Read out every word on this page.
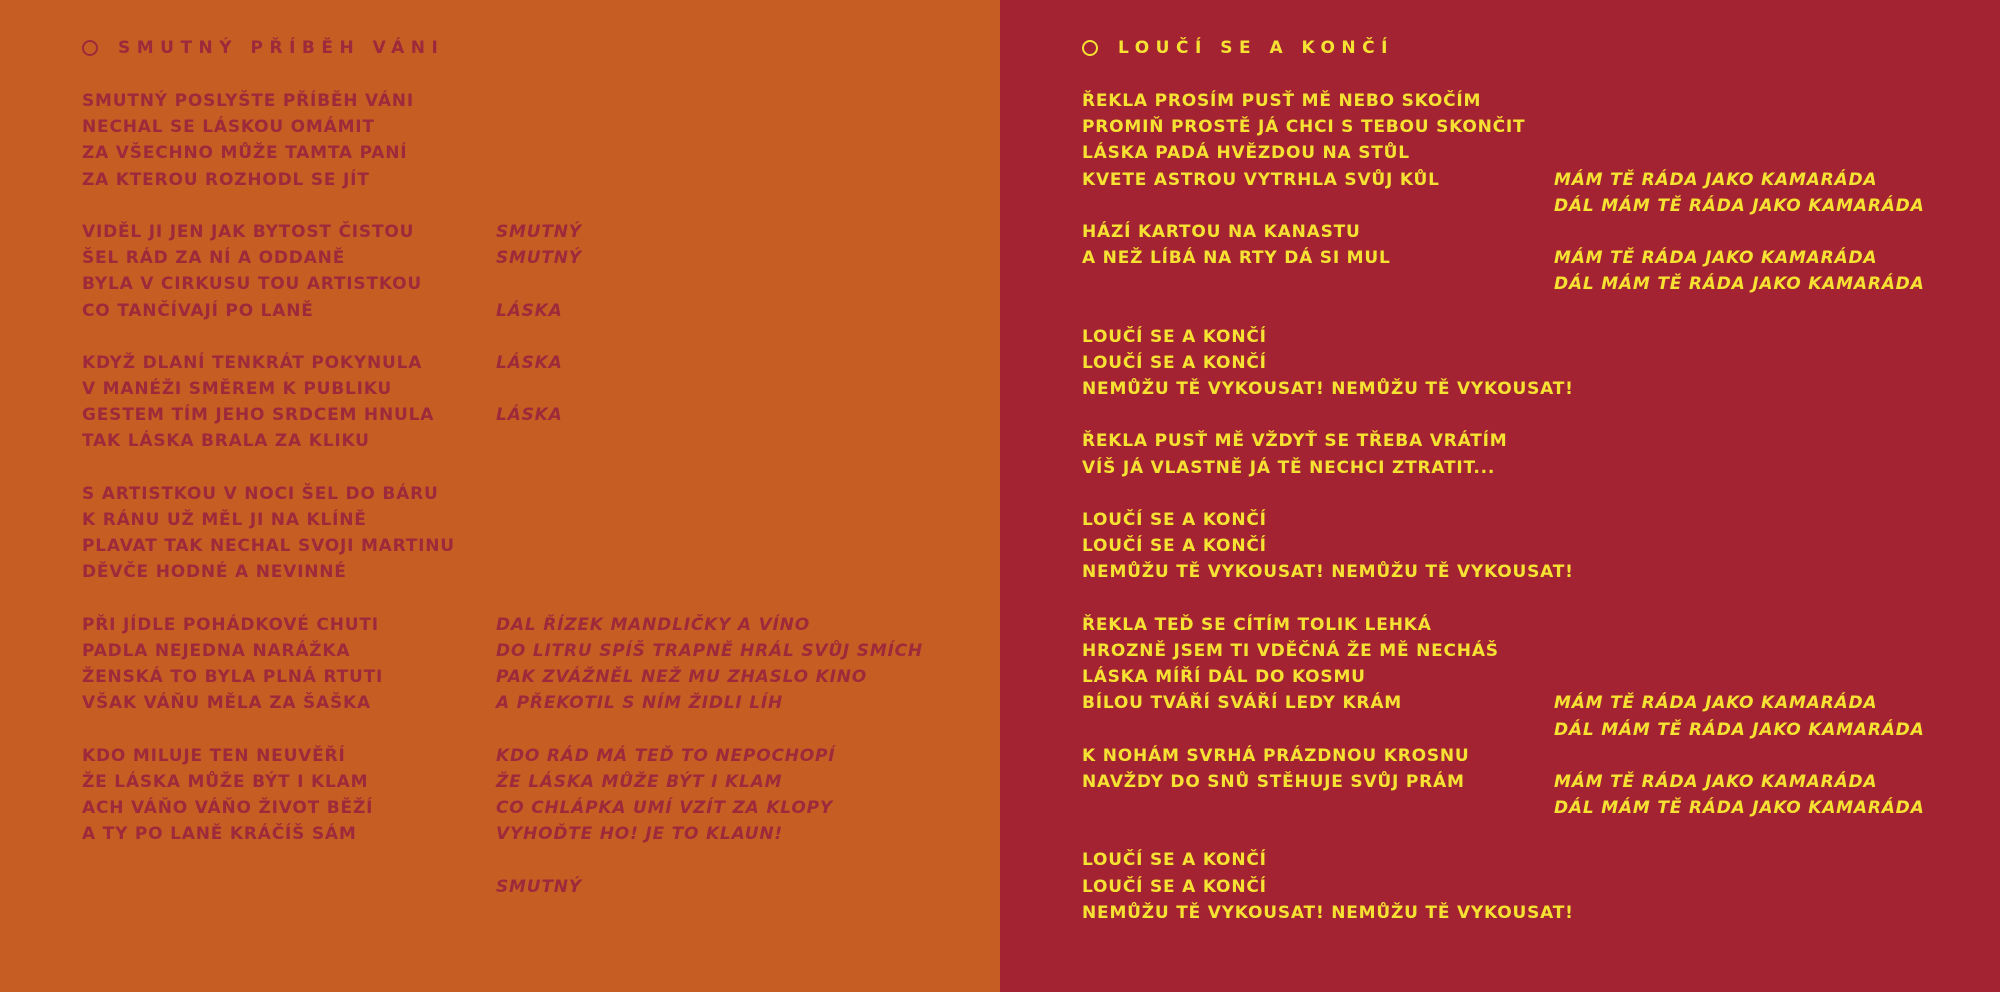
SMUTNÝ PŘÍBĚH VÁNI
SMUTNÝ POSLYŠTE PŘÍBĚH VÁNI
NECHAL SE LÁSKOU OMÁMIT
ZA VŠECHNO MŮŽE TAMTA PANÍ
ZA KTEROU ROZHODL SE JÍT
VIDĚL JI JEN JAK BYTOST ČISTOU
ŠEL RÁD ZA NÍ A ODDANĚ
BYLA V CIRKUSU TOU ARTISTKOU
CO TANČÍVAJÍ PO LANĚ
KDYŽ DLANÍ TENKRÁT POKYNULA
V MANÉŽI SMĚREM K PUBLIKU
GESTEM TÍM JEHO SRDCEM HNULA
TAK LÁSKA BRALA ZA KLIKU
S ARTISTKOU V NOCI ŠEL DO BÁRU
K RÁNU UŽ MĚL JI NA KLÍNĚ
PLAVAT TAK NECHAL SVOJI MARTINU
DĚVČE HODNÉ A NEVINNÉ
PŘI JÍDLE POHÁDKOVÉ CHUTI
PADLA NEJEDNA NARÁŽKA
ŽENSKÁ TO BYLA PLNÁ RTUTI
VŠAK VÁŇU MĚLA ZA ŠAŠKA
KDO MILUJE TEN NEUVĚŘÍ
ŽE LÁSKA MŮŽE BÝT I KLAM
ACH VÁŇO VÁŇO ŽIVOT BĚŽÍ
A TY PO LANĚ KRÁČÍŠ SÁM
SMUTNÝ
SMUTNÝ
LÁSKA
LÁSKA
LÁSKA
DAL ŘÍZEK MANDLIČKY A VÍNO
DO LITRU SPÍŠ TRAPNĚ HRÁL SVŮJ SMÍCH
PAK ZVÁŽNĚL NEŽ MU ZHASLO KINO
A PŘEKOTIL S NÍM ŽIDLI LÍH
KDO RÁD MÁ TEĎ TO NEPOCHOPÍ
ŽE LÁSKA MŮŽE BÝT I KLAM
CO CHLÁPKA UMÍ VZÍT ZA KLOPY
VYHOĎTE HO! JE TO KLAUN!
SMUTNÝ
LOUČÍ SE A KONČÍ
ŘEKLA PROSÍM PUSŤ MĚ NEBO SKOČÍM
PROMIŇ PROSTĚ JÁ CHCI S TEBOU SKONČIT
LÁSKA PADÁ HVĚZDOU NA STŮL
KVETE ASTROU VYTRHLA SVŮJ KŮL
HÁZÍ KARTOU NA KANASTU
A NEŽ LÍBÁ NA RTY DÁ SI MUL
LOUČÍ SE A KONČÍ
LOUČÍ SE A KONČÍ
NEMŮŽU TĚ VYKOUSAT! NEMŮŽU TĚ VYKOUSAT!
ŘEKLA PUSŤ MĚ VŽDYŤ SE TŘEBA VRÁTÍM
VÍŠ JÁ VLASTNĚ JÁ TĚ NECHCI ZTRATIT...
LOUČÍ SE A KONČÍ
LOUČÍ SE A KONČÍ
NEMŮŽU TĚ VYKOUSAT! NEMŮŽU TĚ VYKOUSAT!
ŘEKLA TEĎ SE CÍTÍM TOLIK LEHKÁ
HROZNĚ JSEM TI VDĚČNÁ ŽE MĚ NECHÁŠ
LÁSKA MÍŘÍ DÁL DO KOSMU
BÍLOU TVÁŘÍ SVÁŘÍ LEDY KRÁM
K NOHÁM SVRHÁ PRÁZDNOU KROSNU
NAVŽDY DO SNŮ STĚHUJE SVŮJ PRÁM
LOUČÍ SE A KONČÍ
LOUČÍ SE A KONČÍ
NEMŮŽU TĚ VYKOUSAT! NEMŮŽU TĚ VYKOUSAT!
MÁM TĚ RÁDA JAKO KAMARÁDA
DÁL MÁM TĚ RÁDA JAKO KAMARÁDA
MÁM TĚ RÁDA JAKO KAMARÁDA
DÁL MÁM TĚ RÁDA JAKO KAMARÁDA
MÁM TĚ RÁDA JAKO KAMARÁDA
DÁL MÁM TĚ RÁDA JAKO KAMARÁDA
MÁM TĚ RÁDA JAKO KAMARÁDA
DÁL MÁM TĚ RÁDA JAKO KAMARÁDA
